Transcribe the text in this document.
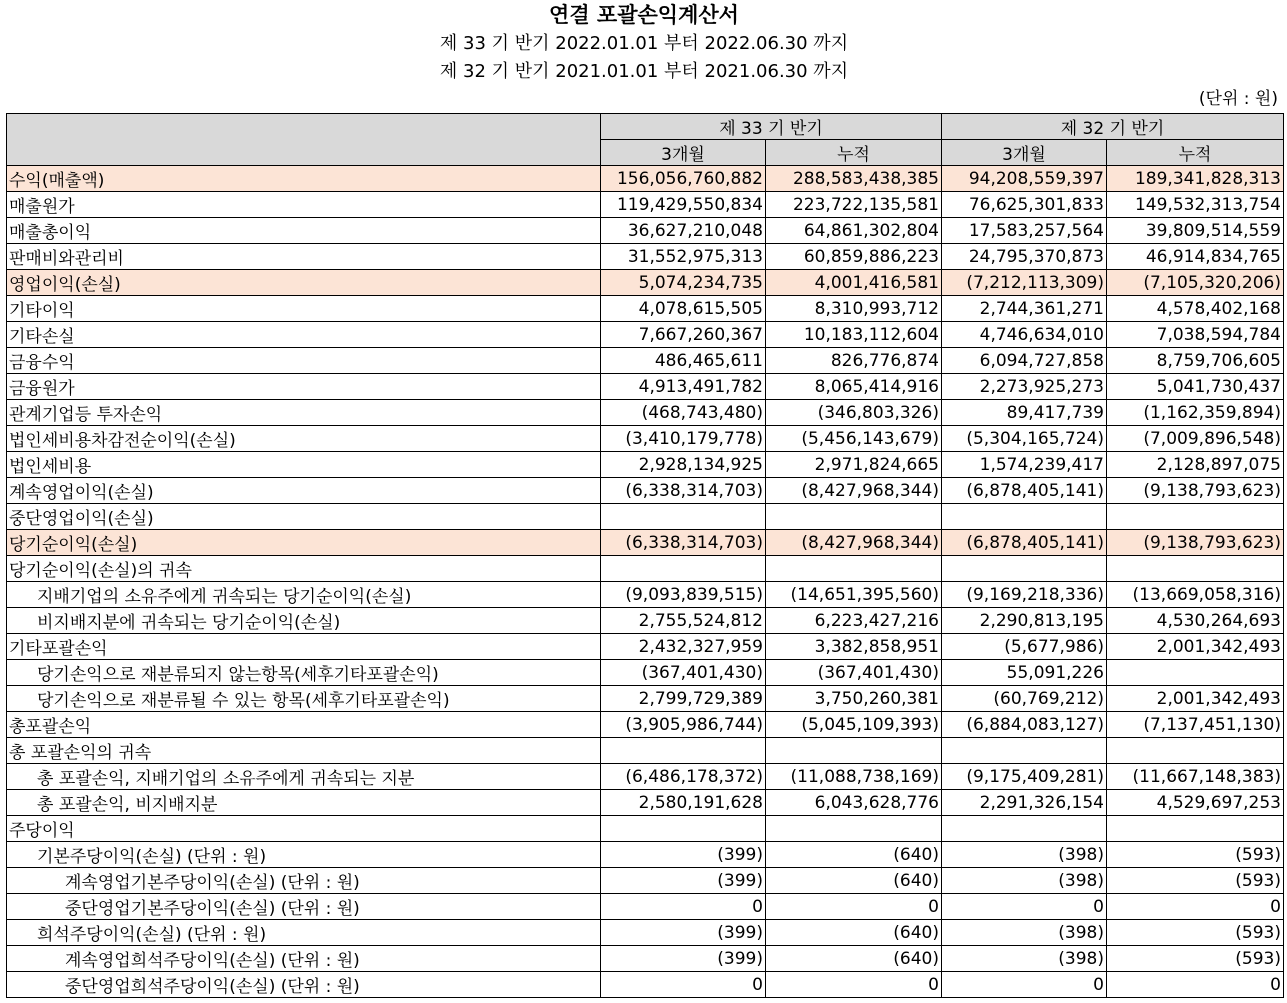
연결 포괄손익계산서
제 33 기 반기 2022.01.01 부터 2022.06.30 까지
제 32 기 반기 2021.01.01 부터 2021.06.30 까지
(단위 : 원)
	제 33 기 반기		제 32 기 반기	
	3개월	누적	3개월	누적
수익(매출액)	156,056,760,882	288,583,438,385	94,208,559,397	189,341,828,313
매출원가	119,429,550,834	223,722,135,581	76,625,301,833	149,532,313,754
매출총이익	36,627,210,048	64,861,302,804	17,583,257,564	39,809,514,559
판매비와관리비	31,552,975,313	60,859,886,223	24,795,370,873	46,914,834,765
영업이익(손실)	5,074,234,735	4,001,416,581	(7,212,113,309)	(7,105,320,206)
기타이익	4,078,615,505	8,310,993,712	2,744,361,271	4,578,402,168
기타손실	7,667,260,367	10,183,112,604	4,746,634,010	7,038,594,784
금융수익	486,465,611	826,776,874	6,094,727,858	8,759,706,605
금융원가	4,913,491,782	8,065,414,916	2,273,925,273	5,041,730,437
관계기업등 투자손익	(468,743,480)	(346,803,326)	89,417,739	(1,162,359,894)
법인세비용차감전순이익(손실)	(3,410,179,778)	(5,456,143,679)	(5,304,165,724)	(7,009,896,548)
법인세비용	2,928,134,925	2,971,824,665	1,574,239,417	2,128,897,075
계속영업이익(손실)	(6,338,314,703)	(8,427,968,344)	(6,878,405,141)	(9,138,793,623)
중단영업이익(손실)				
당기순이익(손실)	(6,338,314,703)	(8,427,968,344)	(6,878,405,141)	(9,138,793,623)
당기순이익(손실)의 귀속				
지배기업의 소유주에게 귀속되는 당기순이익(손실)	(9,093,839,515)	(14,651,395,560)	(9,169,218,336)	(13,669,058,316)
비지배지분에 귀속되는 당기순이익(손실)	2,755,524,812	6,223,427,216	2,290,813,195	4,530,264,693
기타포괄손익	2,432,327,959	3,382,858,951	(5,677,986)	2,001,342,493
당기손익으로 재분류되지 않는항목(세후기타포괄손익)	(367,401,430)	(367,401,430)	55,091,226	
당기손익으로 재분류될 수 있는 항목(세후기타포괄손익)	2,799,729,389	3,750,260,381	(60,769,212)	2,001,342,493
총포괄손익	(3,905,986,744)	(5,045,109,393)	(6,884,083,127)	(7,137,451,130)
총 포괄손익의 귀속				
총 포괄손익, 지배기업의 소유주에게 귀속되는 지분	(6,486,178,372)	(11,088,738,169)	(9,175,409,281)	(11,667,148,383)
총 포괄손익, 비지배지분	2,580,191,628	6,043,628,776	2,291,326,154	4,529,697,253
주당이익				
기본주당이익(손실) (단위 : 원)	(399)	(640)	(398)	(593)
계속영업기본주당이익(손실) (단위 : 원)	(399)	(640)	(398)	(593)
중단영업기본주당이익(손실) (단위 : 원)	0	0	0	0
희석주당이익(손실) (단위 : 원)	(399)	(640)	(398)	(593)
계속영업희석주당이익(손실) (단위 : 원)	(399)	(640)	(398)	(593)
중단영업희석주당이익(손실) (단위 : 원)	0	0	0	0
